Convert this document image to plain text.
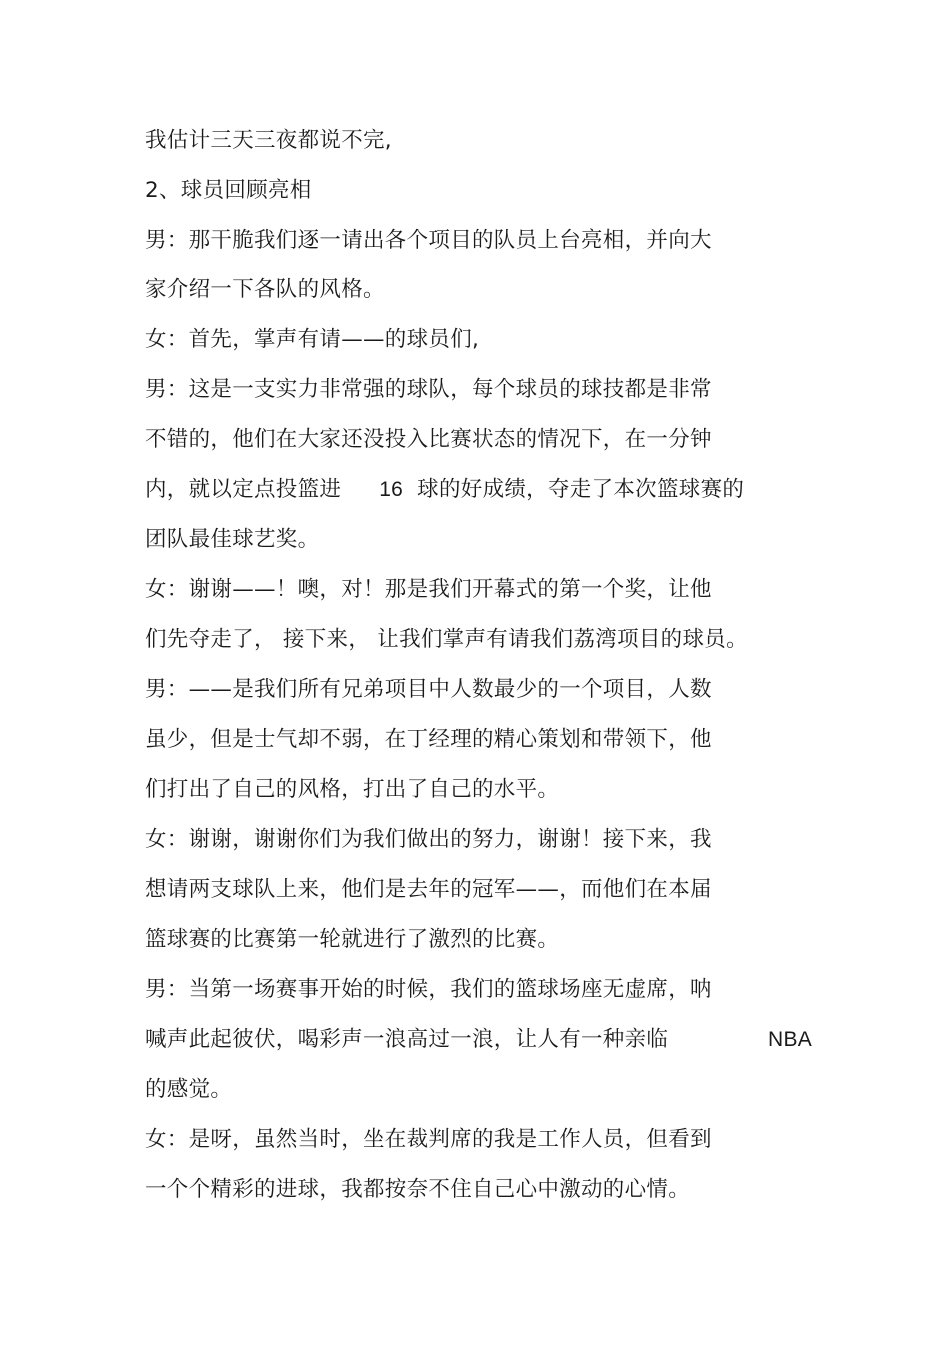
我估计三天三夜都说不完,
2、球员回顾亮相
男：那干脆我们逐一请出各个项目的队员上台亮相，并向大
家介绍一下各队的风格。
女：首先，掌声有请——的球员们,
男：这是一支实力非常强的球队，每个球员的球技都是非常
不错的，他们在大家还没投入比赛状态的情况下，在一分钟
内，就以定点投篮进 16 球的好成绩，夺走了本次篮球赛的
团队最佳球艺奖。
女：谢谢——！噢，对！那是我们开幕式的第一个奖，让他
们先夺走了， 接下来， 让我们掌声有请我们荔湾项目的球员。
男：——是我们所有兄弟项目中人数最少的一个项目，人数
虽少，但是士气却不弱，在丁经理的精心策划和带领下，他
们打出了自己的风格，打出了自己的水平。
女：谢谢，谢谢你们为我们做出的努力，谢谢！接下来，我
想请两支球队上来，他们是去年的冠军——，而他们在本届
篮球赛的比赛第一轮就进行了激烈的比赛。
男：当第一场赛事开始的时候，我们的篮球场座无虚席，呐
喊声此起彼伏，喝彩声一浪高过一浪，让人有一种亲临	NBA
的感觉。
女：是呀，虽然当时，坐在裁判席的我是工作人员，但看到
一个个精彩的进球，我都按奈不住自己心中激动的心情。
